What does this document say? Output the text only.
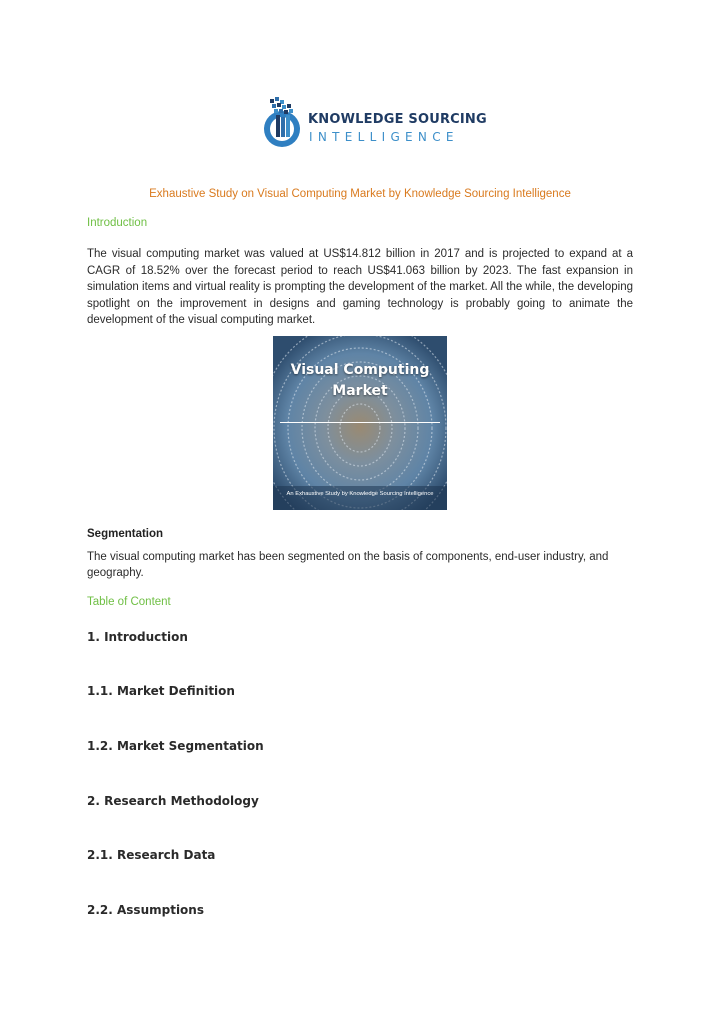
KNOWLEDGE SOURCING
INTELLIGENCE
Exhaustive Study on Visual Computing Market by Knowledge Sourcing Intelligence
Introduction
The visual computing market was valued at US$14.812 billion in 2017 and is projected to expand at a CAGR of 18.52% over the forecast period to reach US$41.063 billion by 2023. The fast expansion in simulation items and virtual reality is prompting the development of the market. All the while, the developing spotlight on the improvement in designs and gaming technology is probably going to animate the development of the visual computing market.
Visual Computing
Market
An Exhaustive Study by Knowledge Sourcing Intelligence
Segmentation
The visual computing market has been segmented on the basis of components, end-user industry, and geography.
Table of Content
1. Introduction
1.1. Market Definition
1.2. Market Segmentation
2. Research Methodology
2.1. Research Data
2.2. Assumptions
